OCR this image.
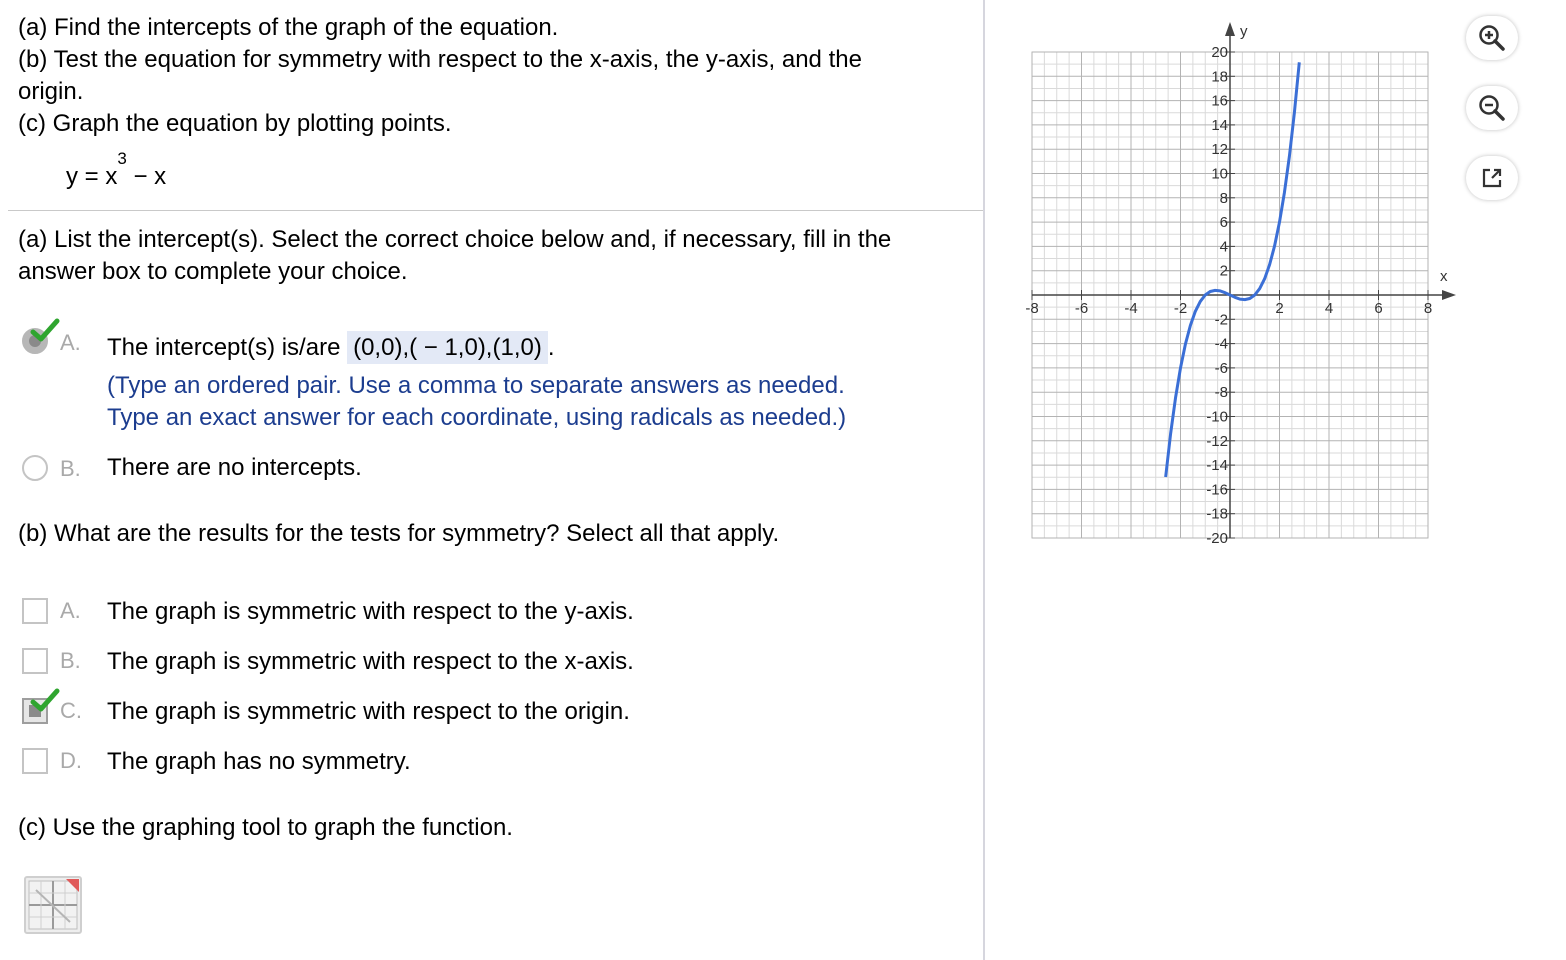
(a) Find the intercepts of the graph of the equation.
(b) Test the equation for symmetry with respect to the x-axis, the y-axis, and the
origin.
(c) Graph the equation by plotting points.
$y = x^3 - x$
(a) List the intercept(s). Select the correct choice below and, if necessary, fill in the
answer box to complete your choice.
A. The intercept(s) is/are (0,0),( − 1,0),(1,0) .
(Type an ordered pair. Use a comma to separate answers as needed.
Type an exact answer for each coordinate, using radicals as needed.)
B. There are no intercepts.
(b) What are the results for the tests for symmetry? Select all that apply.
A. The graph is symmetric with respect to the y-axis.
B. The graph is symmetric with respect to the x-axis.
C. The graph is symmetric with respect to the origin.
D. The graph has no symmetry.
(c) Use the graphing tool to graph the function.
x
y
-8 -6 -4 -2	2	4	6	8
-20
-18
-16
-14
-12
-10
-8
-6
-4
-2
2
4
6
8
10
12
14
16
18
20
